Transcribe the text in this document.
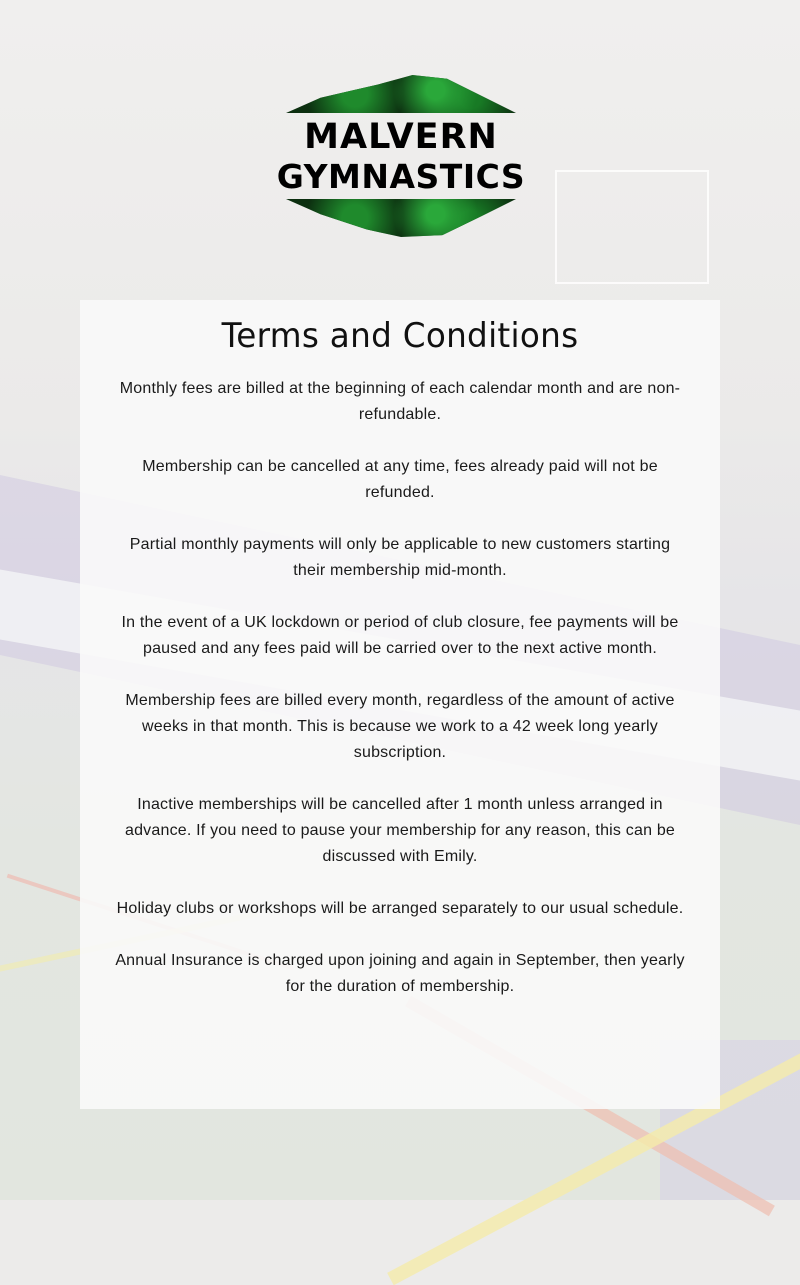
MALVERN
GYMNASTICS
Terms and Conditions

Monthly fees are billed at the beginning of each calendar month and are non-refundable.

Membership can be cancelled at any time, fees already paid will not be refunded.

Partial monthly payments will only be applicable to new customers starting their membership mid-month.

In the event of a UK lockdown or period of club closure, fee payments will be paused and any fees paid will be carried over to the next active month.

Membership fees are billed every month, regardless of the amount of active weeks in that month. This is because we work to a 42 week long yearly subscription.

Inactive memberships will be cancelled after 1 month unless arranged in advance. If you need to pause your membership for any reason, this can be discussed with Emily.

Holiday clubs or workshops will be arranged separately to our usual schedule.

Annual Insurance is charged upon joining and again in September, then yearly for the duration of membership.
